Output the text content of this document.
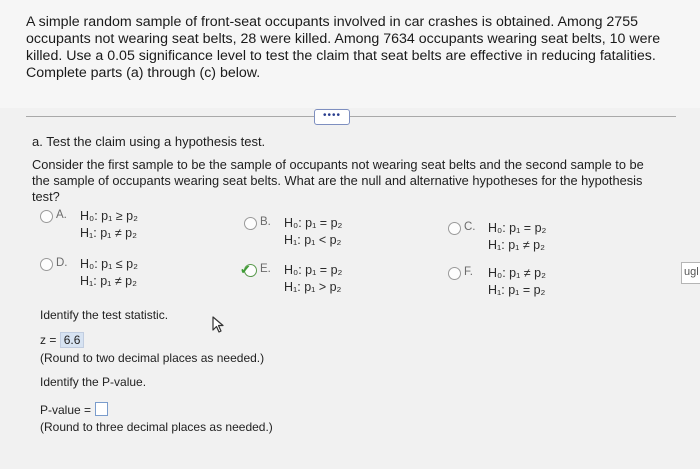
A simple random sample of front-seat occupants involved in car crashes is obtained. Among 2755 occupants not wearing seat belts, 28 were killed. Among 7634 occupants wearing seat belts, 10 were killed. Use a 0.05 significance level to test the claim that seat belts are effective in reducing fatalities. Complete parts (a) through (c) below.
••••
a. Test the claim using a hypothesis test.
Consider the first sample to be the sample of occupants not wearing seat belts and the second sample to be the sample of occupants wearing seat belts. What are the null and alternative hypotheses for the hypothesis test?
A. H₀: p₁ ≥ p₂
H₁: p₁ ≠ p₂
B. H₀: p₁ = p₂
H₁: p₁ < p₂
C. H₀: p₁ = p₂
H₁: p₁ ≠ p₂
D. H₀: p₁ ≤ p₂
H₁: p₁ ≠ p₂
✔ E. H₀: p₁ = p₂
H₁: p₁ > p₂
F. H₀: p₁ ≠ p₂
H₁: p₁ = p₂
Identify the test statistic.
z = 6.6
(Round to two decimal places as needed.)
Identify the P-value.
P-value =
(Round to three decimal places as needed.)
ugl
